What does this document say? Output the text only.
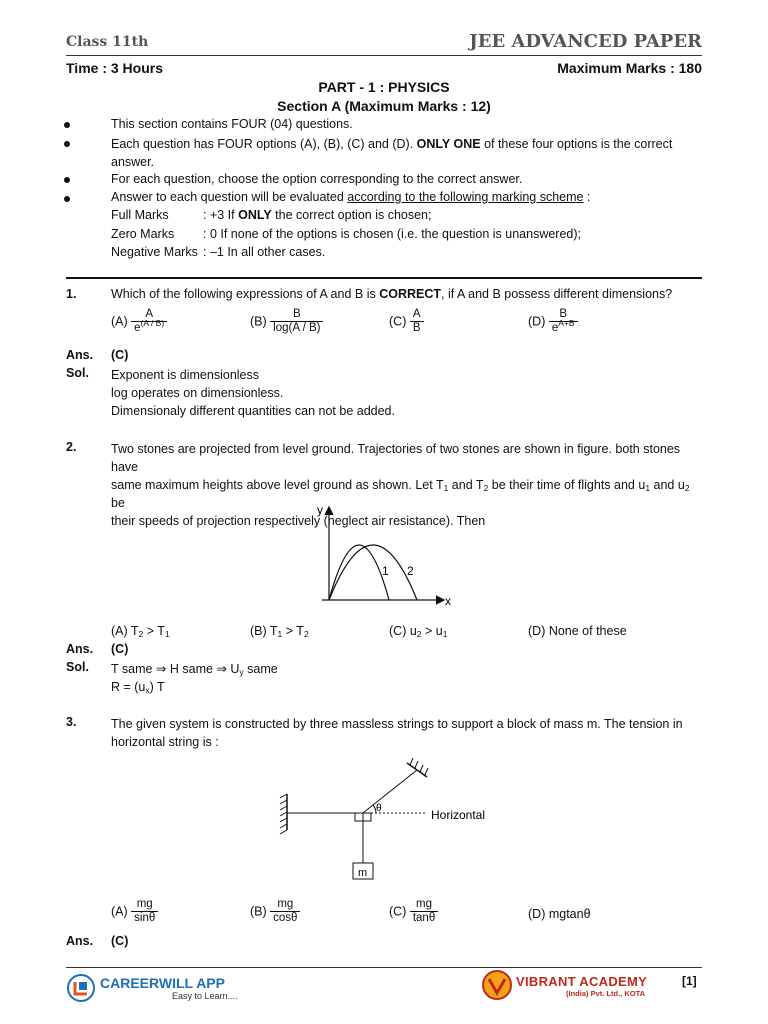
Class 11th	JEE ADVANCED PAPER
Time : 3 Hours	Maximum Marks : 180
PART - 1 : PHYSICS
Section A (Maximum Marks : 12)
This section contains FOUR (04) questions.
Each question has FOUR options (A), (B), (C) and (D). ONLY ONE of these four options is the correct
answer.
For each question, choose the option corresponding to the correct answer.
Answer to each question will be evaluated according to the following marking scheme :
Full Marks	: +3 If ONLY the correct option is chosen;
Zero Marks : 0 If none of the options is chosen (i.e. the question is unanswered);
Negative Marks : –1 In all other cases.
1.	Which of the following expressions of A and B is CORRECT, if A and B possess different dimensions?
$(A) \frac{A}{e^{(A / B)}}$	$(B) \frac{B}{\log(A / B)}$	$(C) \frac{A}{B}$	$(D) \frac{B}{e^{A+B}}$
Ans. (C)
Sol. Exponent is dimensionless
log operates on dimensionless.
Dimensionaly different quantities can not be added.
2.	Two stones are projected from level ground. Trajectories of two stones are shown in figure. both stones have
same maximum heights above level ground as shown. Let $T_1$ and $T_2$ be their time of flights and $u_1$ and $u_2$ be
their speeds of projection respectively (neglect air resistance). Then
y
x
1 2
(A) $T_2 > T_1$	(B) $T_1 > T_2$	(C) $u_2 > u_1$	(D) None of these
Ans. (C)
Sol. T same ⇒ H same ⇒ $U_y$ same
$R = (u_x)$ T
3.	The given system is constructed by three massless strings to support a block of mass m. The tension in
horizontal string is :
m
θ	Horizontal
$(A) \frac{mg}{\sin\theta}$	$(B) \frac{mg}{\cos\theta}$	$(C) \frac{mg}{\tan\theta}$	(D) mgtanθ
Ans. (C)
CAREERWILL APP
Easy to Learn....
VIBRANT ACADEMY
(India) Pvt. Ltd., KOTA
[1]
